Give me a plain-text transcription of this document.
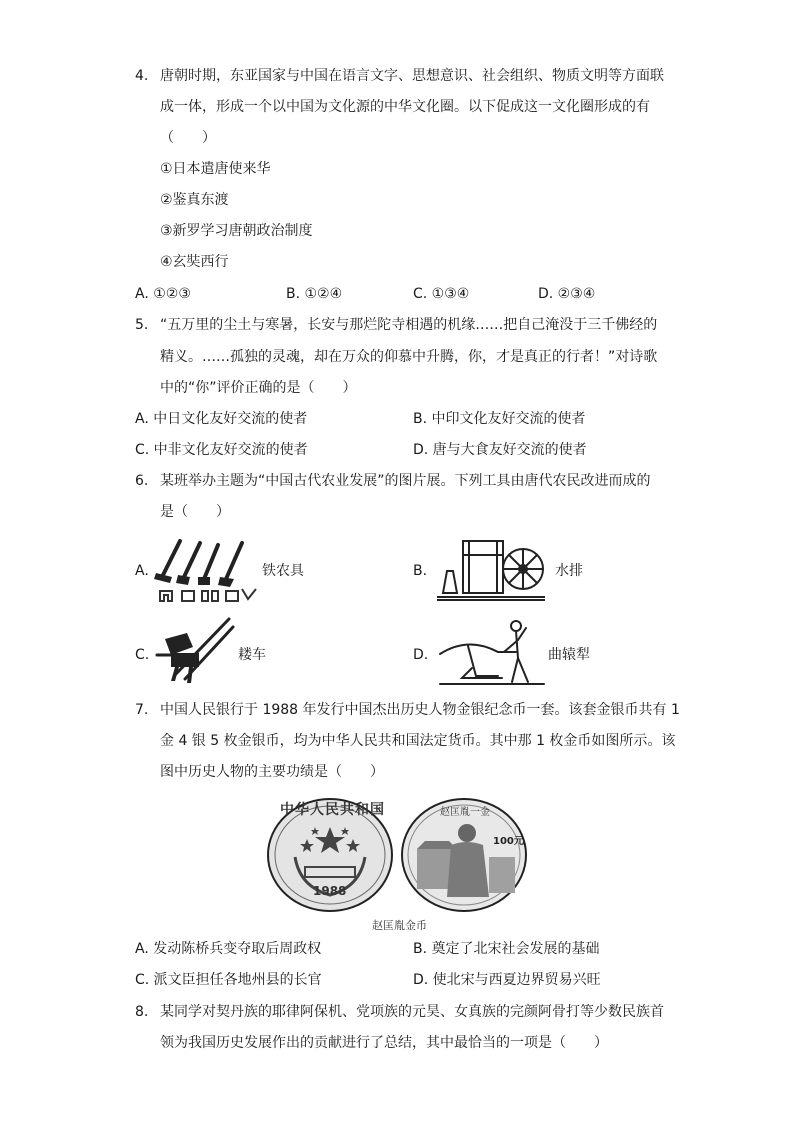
4. 唐朝时期，东亚国家与中国在语言文字、思想意识、社会组织、物质文明等方面联
成一体，形成一个以中国为文化源的中华文化圈。以下促成这一文化圈形成的有
（　　）
①日本遣唐使来华
②鉴真东渡
③新罗学习唐朝政治制度
④玄奘西行
A. ①②③	B. ①②④	C. ①③④	D. ②③④
5. “五万里的尘土与寒暑，长安与那烂陀寺相遇的机缘……把自己淹没于三千佛经的
精义。……孤独的灵魂，却在万众的仰慕中升腾，你，才是真正的行者！”对诗歌
中的“你”评价正确的是（　　）
A. 中日文化友好交流的使者	B. 中印文化友好交流的使者
C. 中非文化友好交流的使者	D. 唐与大食友好交流的使者
6. 某班举办主题为“中国古代农业发展”的图片展。下列工具由唐代农民改进而成的
是（　　）
A.	铁农具	B.	水排
C.	耧车	D.	曲辕犁
7. 中国人民银行于 1988 年发行中国杰出历史人物金银纪念币一套。该套金银币共有 1
金 4 银 5 枚金银币，均为中华人民共和国法定货币。其中那 1 枚金币如图所示。该
图中历史人物的主要功绩是（　　）
中华人民共和国
1988
赵匡胤一金
100元
赵匡胤金币
A. 发动陈桥兵变夺取后周政权	B. 奠定了北宋社会发展的基础
C. 派文臣担任各地州县的长官	D. 使北宋与西夏边界贸易兴旺
8. 某同学对契丹族的耶律阿保机、党项族的元昊、女真族的完颜阿骨打等少数民族首
领为我国历史发展作出的贡献进行了总结，其中最恰当的一项是（　　）
